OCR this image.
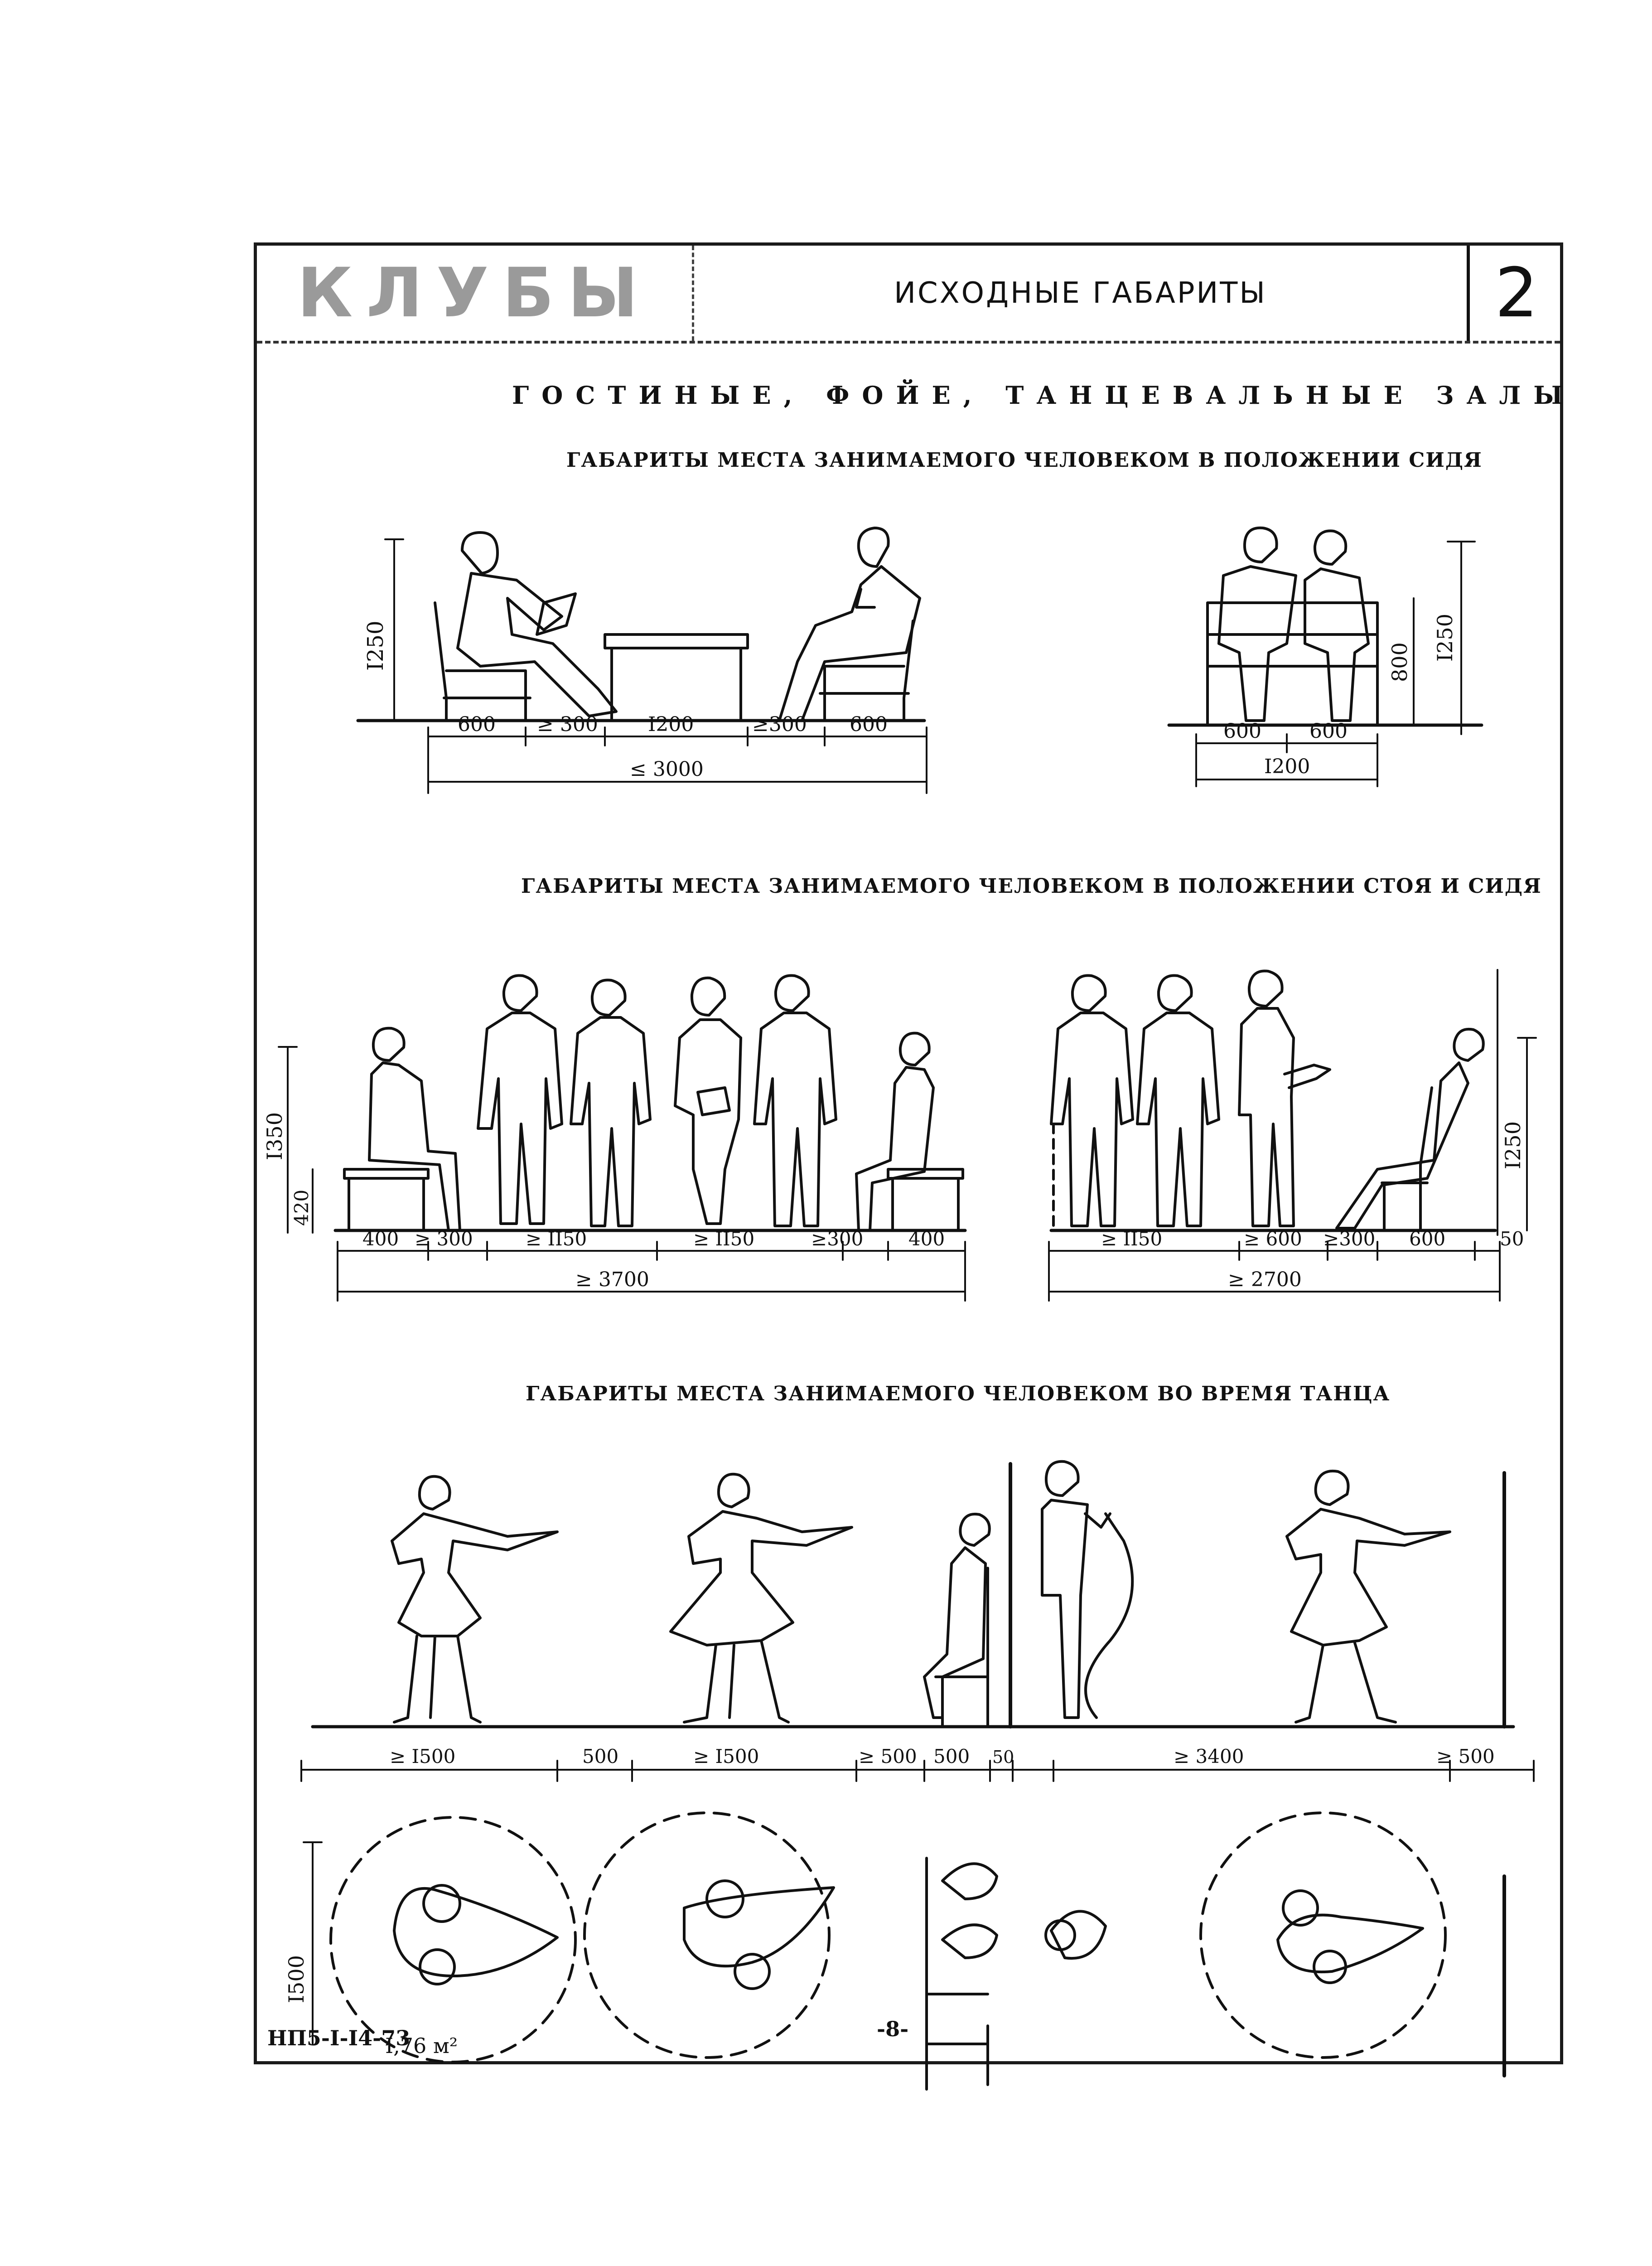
КЛУБЫ	ИСХОДНЫЕ ГАБАРИТЫ	2
ГОСТИНЫЕ, ФОЙЕ, ТАНЦЕВАЛЬНЫЕ ЗАЛЫ
ГАБАРИТЫ МЕСТА ЗАНИМАЕМОГО ЧЕЛОВЕКОМ В ПОЛОЖЕНИИ СИДЯ
ГАБАРИТЫ МЕСТА ЗАНИМАЕМОГО ЧЕЛОВЕКОМ В ПОЛОЖЕНИИ СТОЯ И СИДЯ
ГАБАРИТЫ МЕСТА ЗАНИМАЕМОГО ЧЕЛОВЕКОМ ВО ВРЕМЯ ТАНЦА
НП5-I-I4-73	-8-
I250
600 ≥ 300	I200	≥300 600
≤ 3000
800
I250
600 600
I200
I350
420
400 ≥ 300	≥ II50	≥ II50	≥300 400
≥ 3700
I250
≥ II50	≥ 600 ≥300 600	50
≥ 2700
≥ I500	500	≥ I500	≥ 500 500 50	≥ 3400	≥ 500
I500
I,76 м²
